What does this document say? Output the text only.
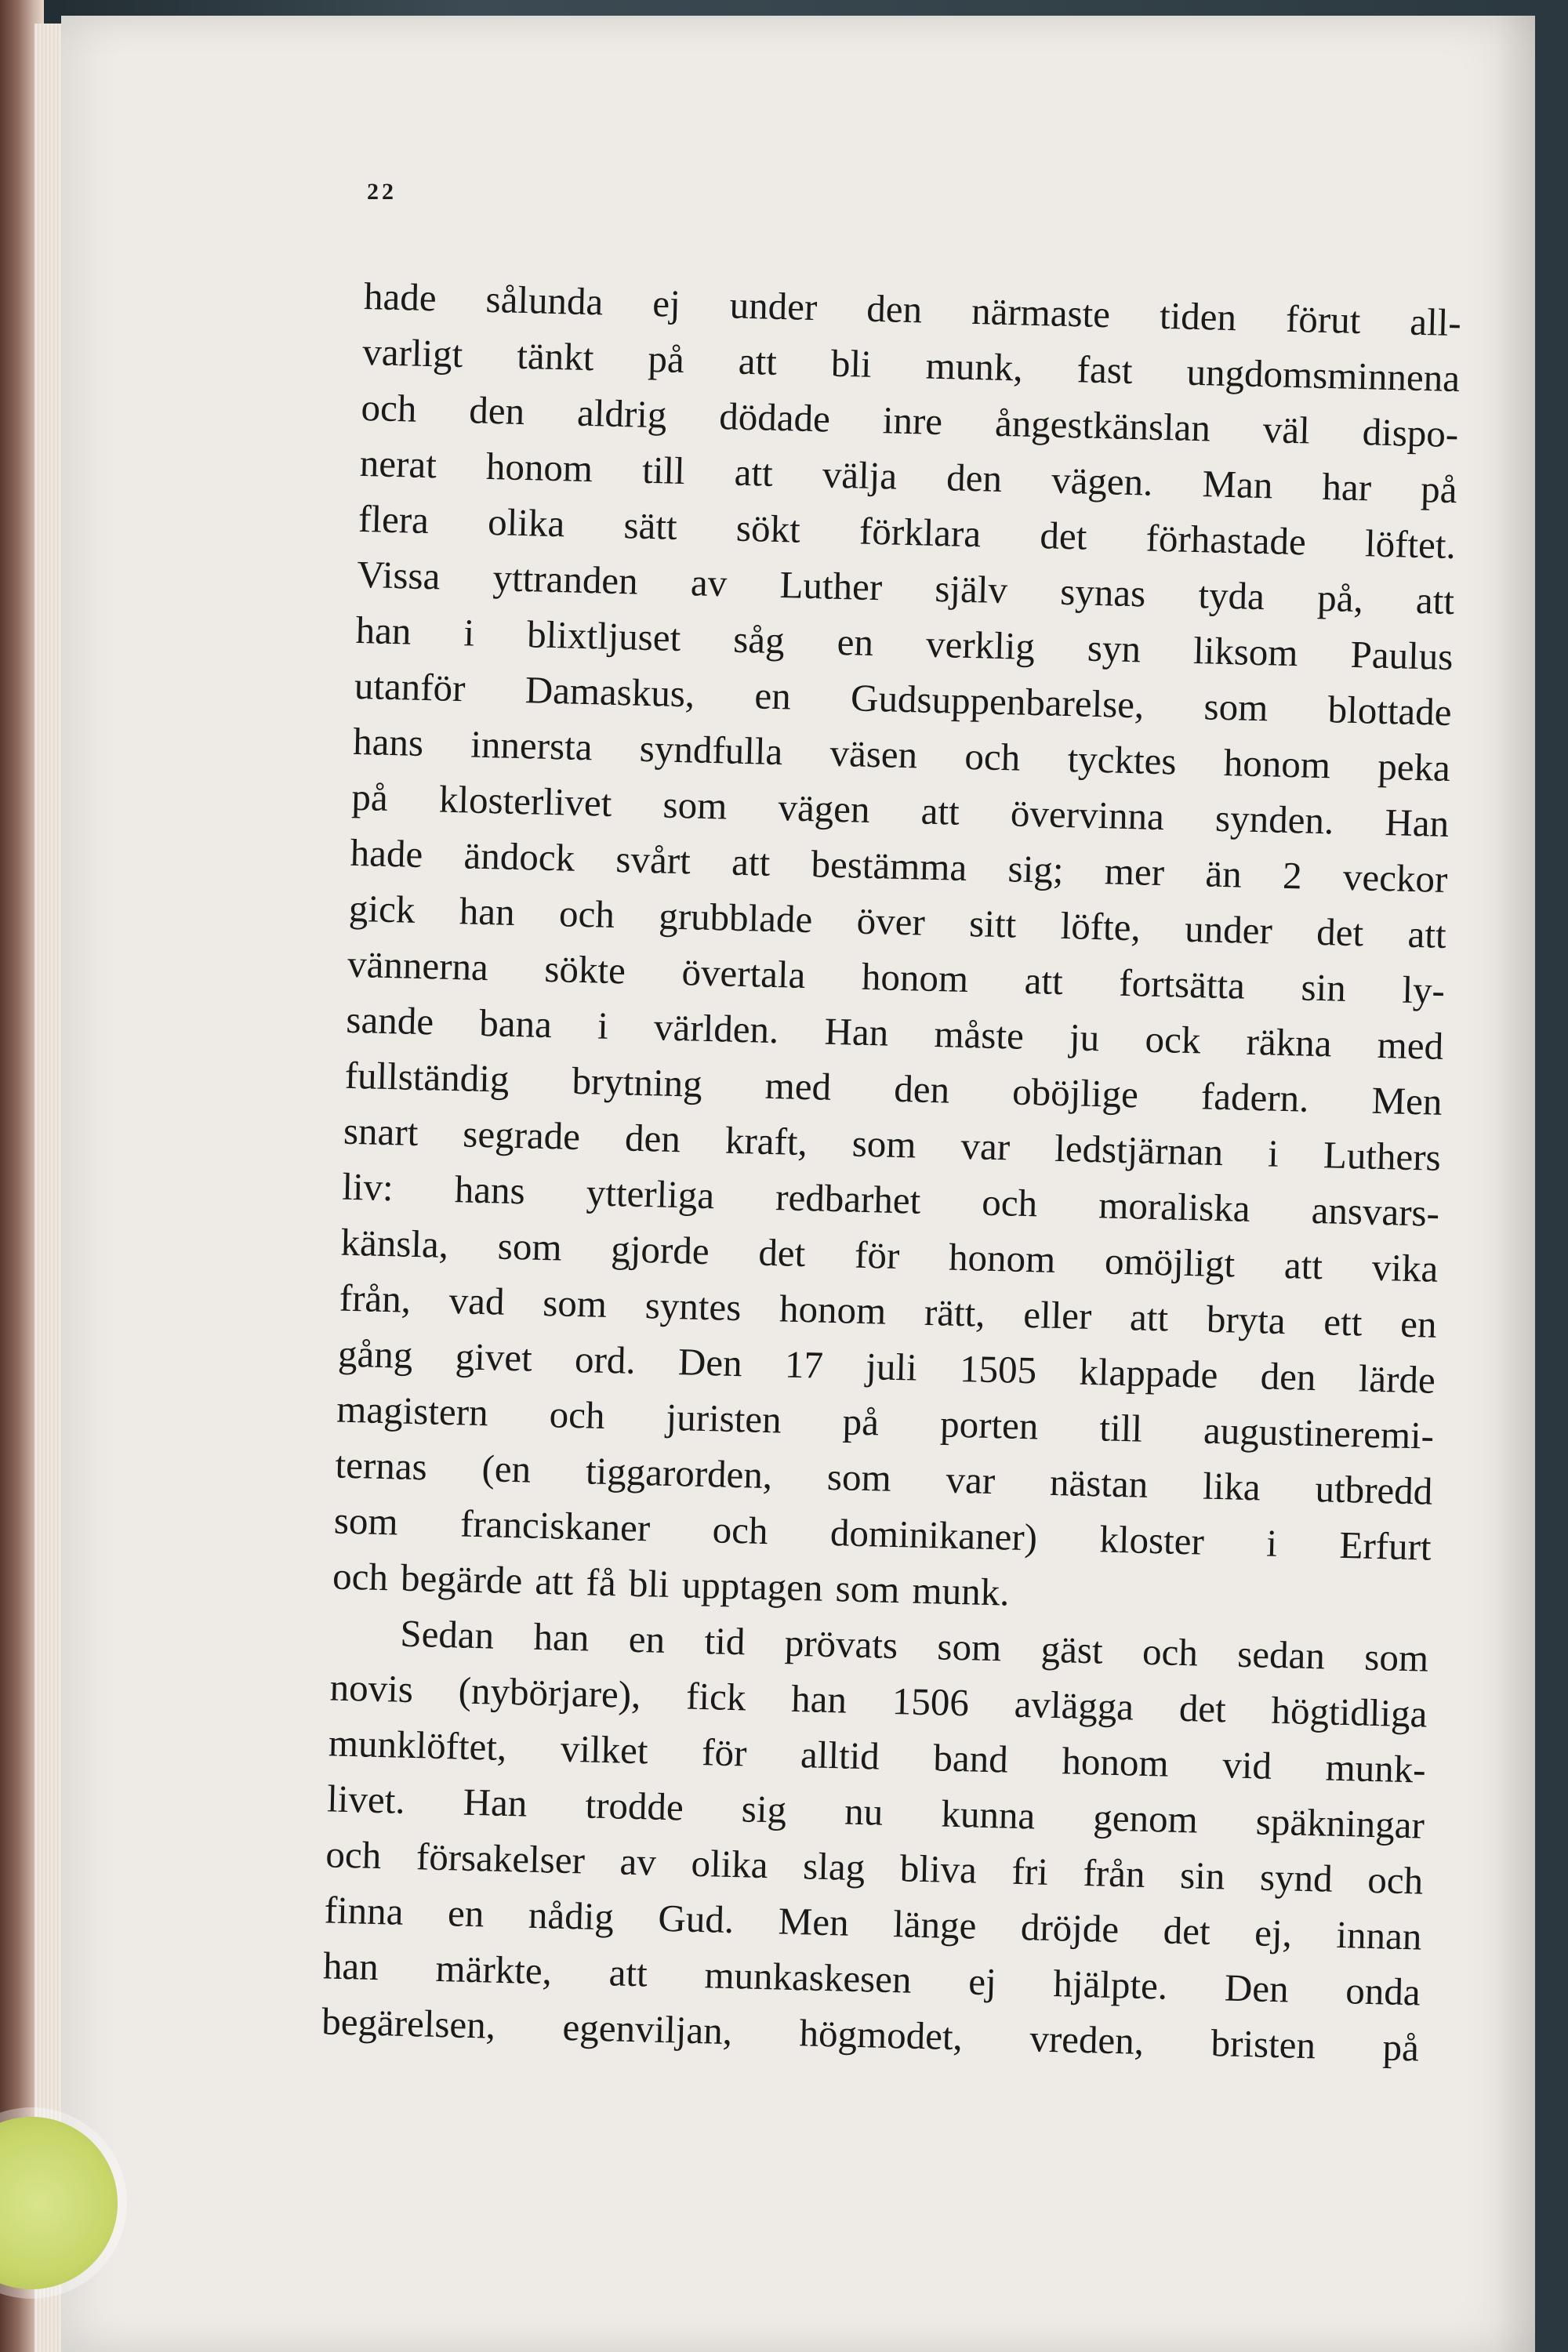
22
hade sålunda ej under den närmaste tiden förut all-
varligt tänkt på att bli munk, fast ungdomsminnena
och den aldrig dödade inre ångestkänslan väl dispo-
nerat honom till att välja den vägen. Man har på
flera olika sätt sökt förklara det förhastade löftet.
Vissa yttranden av Luther själv synas tyda på, att
han i blixtljuset såg en verklig syn liksom Paulus
utanför Damaskus, en Gudsuppenbarelse, som blottade
hans innersta syndfulla väsen och tycktes honom peka
på klosterlivet som vägen att övervinna synden. Han
hade ändock svårt att bestämma sig; mer än 2 veckor
gick han och grubblade över sitt löfte, under det att
vännerna sökte övertala honom att fortsätta sin ly-
sande bana i världen. Han måste ju ock räkna med
fullständig brytning med den oböjlige fadern. Men
snart segrade den kraft, som var ledstjärnan i Luthers
liv: hans ytterliga redbarhet och moraliska ansvars-
känsla, som gjorde det för honom omöjligt att vika
från, vad som syntes honom rätt, eller att bryta ett en
gång givet ord. Den 17 juli 1505 klappade den lärde
magistern och juristen på porten till augustineremi-
ternas (en tiggarorden, som var nästan lika utbredd
som franciskaner och dominikaner) kloster i Erfurt
och begärde att få bli upptagen som munk.
Sedan han en tid prövats som gäst och sedan som
novis (nybörjare), fick han 1506 avlägga det högtidliga
munklöftet, vilket för alltid band honom vid munk-
livet. Han trodde sig nu kunna genom späkningar
och försakelser av olika slag bliva fri från sin synd och
finna en nådig Gud. Men länge dröjde det ej, innan
han märkte, att munkaskesen ej hjälpte. Den onda
begärelsen, egenviljan, högmodet, vreden, bristen på
